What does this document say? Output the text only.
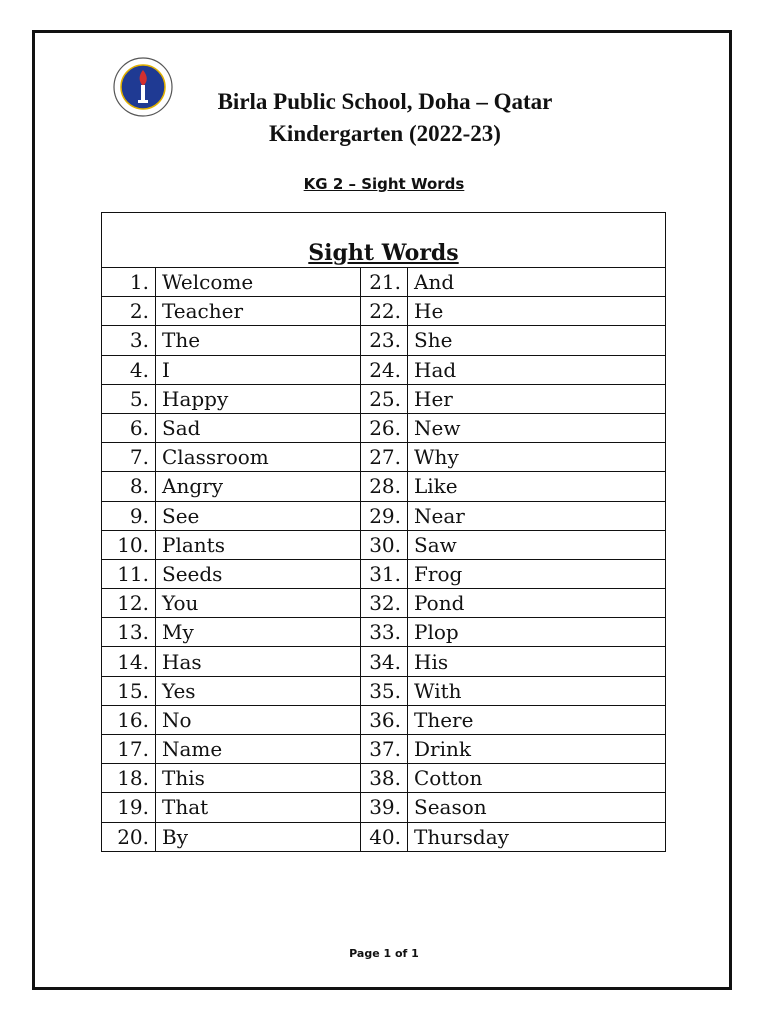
Birla Public School, Doha – Qatar
Kindergarten (2022-23)
KG 2 – Sight Words
Sight Words			
1.	Welcome	21.	And
2.	Teacher	22.	He
3.	The	23.	She
4.	I	24.	Had
5.	Happy	25.	Her
6.	Sad	26.	New
7.	Classroom	27.	Why
8.	Angry	28.	Like
9.	See	29.	Near
10.	Plants	30.	Saw
11.	Seeds	31.	Frog
12.	You	32.	Pond
13.	My	33.	Plop
14.	Has	34.	His
15.	Yes	35.	With
16.	No	36.	There
17.	Name	37.	Drink
18.	This	38.	Cotton
19.	That	39.	Season
20.	By	40.	Thursday
Page 1 of 1
